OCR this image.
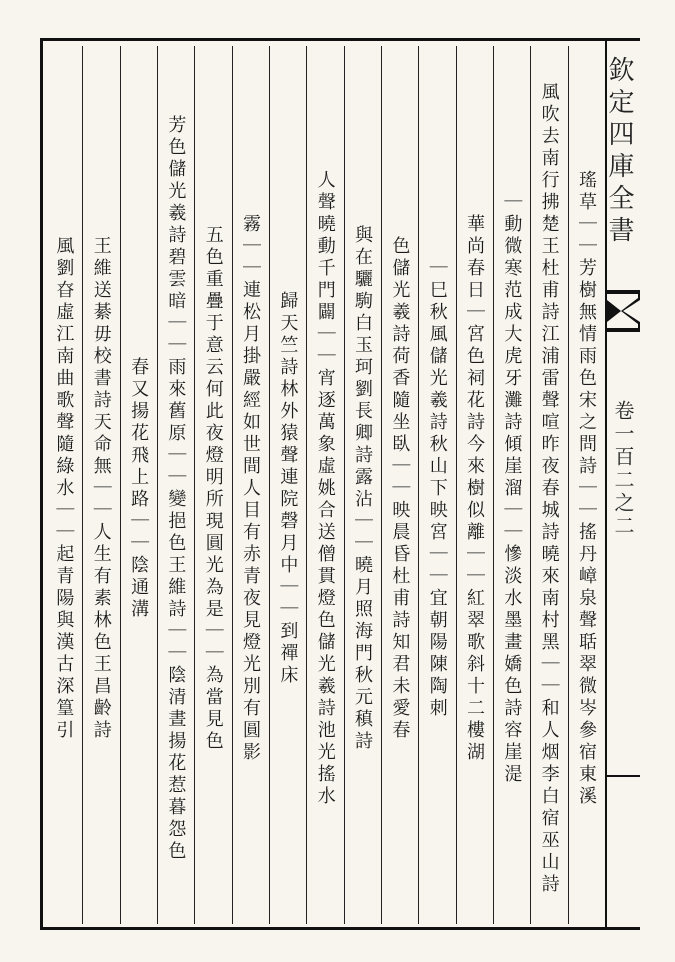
欽定四庫全書
卷一百二之二
瑤草｜｜芳樹無情雨色宋之問詩｜｜搖丹嶂泉聲聒翠微岑參宿東溪
風吹去南行拂楚王杜甫詩江浦雷聲喧昨夜春城詩曉來南村黑｜｜和人烟李白宿巫山詩
｜動微寒范成大虎牙灘詩傾崖溜｜｜慘淡水墨畫嬌色詩容崖湜
華尚春日｜宮色祠花詩今來樹似離｜｜紅翠歌斜十二樓湖
｜巳秋風儲光羲詩秋山下映宮｜｜宜朝陽陳陶刺
色儲光羲詩荷香隨坐臥｜｜映晨昏杜甫詩知君未愛春
與在驪駒白玉珂劉長卿詩露沾｜｜曉月照海門秋元稹詩
人聲曉動千門闢｜｜宵逐萬象虛姚合送僧貫燈色儲光羲詩池光搖水
歸天竺詩林外猿聲連院磬月中｜｜到禪床
霧｜｜連松月掛嚴經如世間人目有赤青夜見燈光別有圓影
五色重疊于意云何此夜燈明所現圓光為是｜｜為當見色
芳色儲光羲詩碧雲暗｜｜雨來舊原｜｜變挹色王維詩｜｜陰清晝揚花惹暮怨色
春又揚花飛上路｜｜陰通溝
王維送綦毋校書詩天命無｜｜人生有素林色王昌齡詩
風劉昚虛江南曲歌聲隨綠水｜｜起青陽與漢古深篁引
